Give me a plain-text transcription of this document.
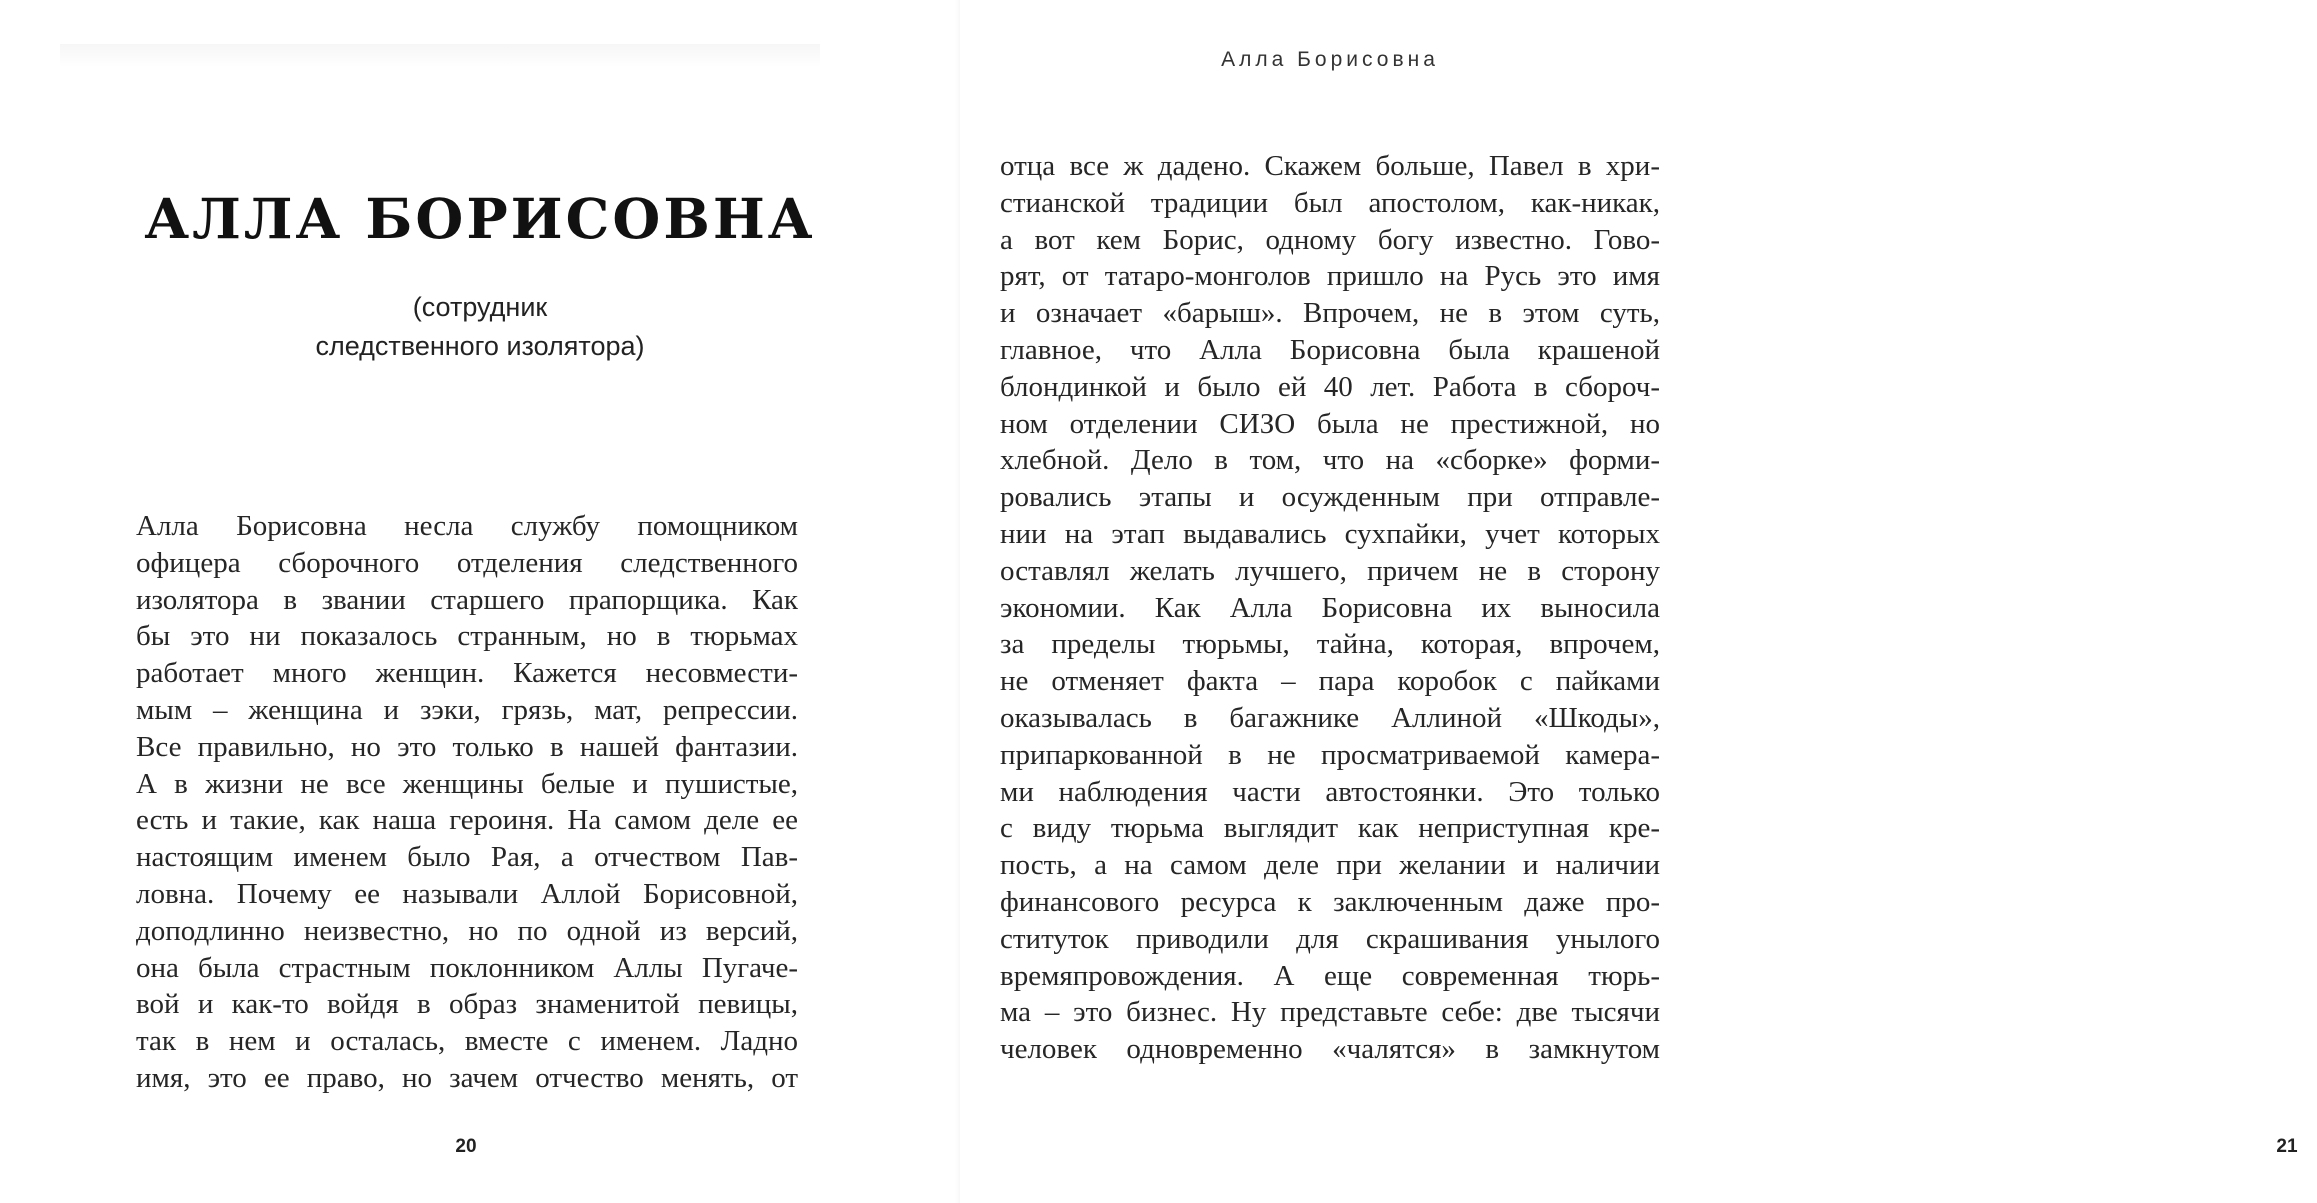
АЛЛА БОРИСОВНА
(сотрудник
следственного изолятора)
Алла Борисовна несла службу помощником
офицера сборочного отделения следственного
изолятора в звании старшего прапорщика. Как
бы это ни показалось странным, но в тюрьмах
работает много женщин. Кажется несовмести-
мым – женщина и зэки, грязь, мат, репрессии.
Все правильно, но это только в нашей фантазии.
А в жизни не все женщины белые и пушистые,
есть и такие, как наша героиня. На самом деле ее
настоящим именем было Рая, а отчеством Пав-
ловна. Почему ее называли Аллой Борисовной,
доподлинно неизвестно, но по одной из версий,
она была страстным поклонником Аллы Пугаче-
вой и как-то войдя в образ знаменитой певицы,
так в нем и осталась, вместе с именем. Ладно
имя, это ее право, но зачем отчество менять, от
20	21
Алла Борисовна
отца все ж дадено. Скажем больше, Павел в хри-
стианской традиции был апостолом, как-никак,
а вот кем Борис, одному богу известно. Гово-
рят, от татаро-монголов пришло на Русь это имя
и означает «барыш». Впрочем, не в этом суть,
главное, что Алла Борисовна была крашеной
блондинкой и было ей 40 лет. Работа в сбороч-
ном отделении СИЗО была не престижной, но
хлебной. Дело в том, что на «сборке» форми-
ровались этапы и осужденным при отправле-
нии на этап выдавались сухпайки, учет которых
оставлял желать лучшего, причем не в сторону
экономии. Как Алла Борисовна их выносила
за пределы тюрьмы, тайна, которая, впрочем,
не отменяет факта – пара коробок с пайками
оказывалась в багажнике Аллиной «Шкоды»,
припаркованной в не просматриваемой камера-
ми наблюдения части автостоянки. Это только
с виду тюрьма выглядит как неприступная кре-
пость, а на самом деле при желании и наличии
финансового ресурса к заключенным даже про-
ституток приводили для скрашивания унылого
времяпровождения. А еще современная тюрь-
ма – это бизнес. Ну представьте себе: две тысячи
человек одновременно «чалятся» в замкнутом
